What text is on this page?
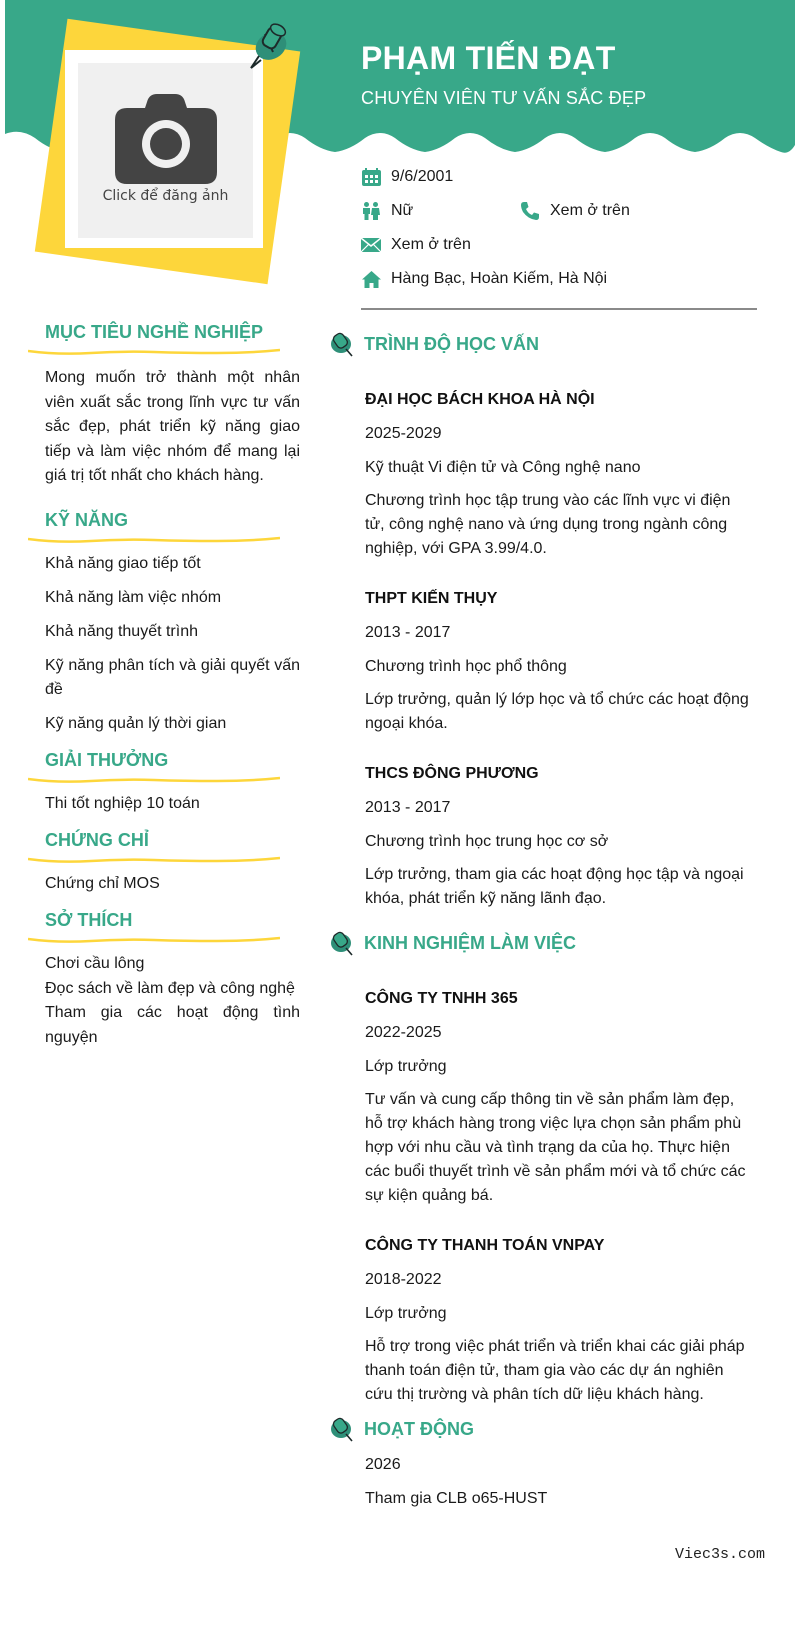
Click để đăng ảnh
PHẠM TIẾN ĐẠT
CHUYÊN VIÊN TƯ VẤN SẮC ĐẸP
9/6/2001
Nữ	Xem ở trên
Xem ở trên
Hàng Bạc, Hoàn Kiếm, Hà Nội
MỤC TIÊU NGHỀ NGHIỆP
Mong muốn trở thành một nhân viên xuất sắc trong lĩnh vực tư vấn sắc đẹp, phát triển kỹ năng giao tiếp và làm việc nhóm để mang lại giá trị tốt nhất cho khách hàng.
KỸ NĂNG
Khả năng giao tiếp tốt
Khả năng làm việc nhóm
Khả năng thuyết trình
Kỹ năng phân tích và giải quyết vấn đề
Kỹ năng quản lý thời gian
GIẢI THƯỞNG
Thi tốt nghiệp 10 toán
CHỨNG CHỈ
Chứng chỉ MOS
SỞ THÍCH
Chơi cầu lông
Đọc sách về làm đẹp và công nghệ
Tham gia các hoạt động tình nguyện
TRÌNH ĐỘ HỌC VẤN
ĐẠI HỌC BÁCH KHOA HÀ NỘI
2025-2029
Kỹ thuật Vi điện tử và Công nghệ nano
Chương trình học tập trung vào các lĩnh vực vi điện tử, công nghệ nano và ứng dụng trong ngành công nghiệp, với GPA 3.99/4.0.
THPT KIẾN THỤY
2013 - 2017
Chương trình học phổ thông
Lớp trưởng, quản lý lớp học và tổ chức các hoạt động ngoại khóa.
THCS ĐÔNG PHƯƠNG
2013 - 2017
Chương trình học trung học cơ sở
Lớp trưởng, tham gia các hoạt động học tập và ngoại khóa, phát triển kỹ năng lãnh đạo.
KINH NGHIỆM LÀM VIỆC
CÔNG TY TNHH 365
2022-2025
Lớp trưởng
Tư vấn và cung cấp thông tin về sản phẩm làm đẹp, hỗ trợ khách hàng trong việc lựa chọn sản phẩm phù hợp với nhu cầu và tình trạng da của họ. Thực hiện các buổi thuyết trình về sản phẩm mới và tổ chức các sự kiện quảng bá.
CÔNG TY THANH TOÁN VNPAY
2018-2022
Lớp trưởng
Hỗ trợ trong việc phát triển và triển khai các giải pháp thanh toán điện tử, tham gia vào các dự án nghiên cứu thị trường và phân tích dữ liệu khách hàng.
HOẠT ĐỘNG
2026
Tham gia CLB o65-HUST
Viec3s.com
